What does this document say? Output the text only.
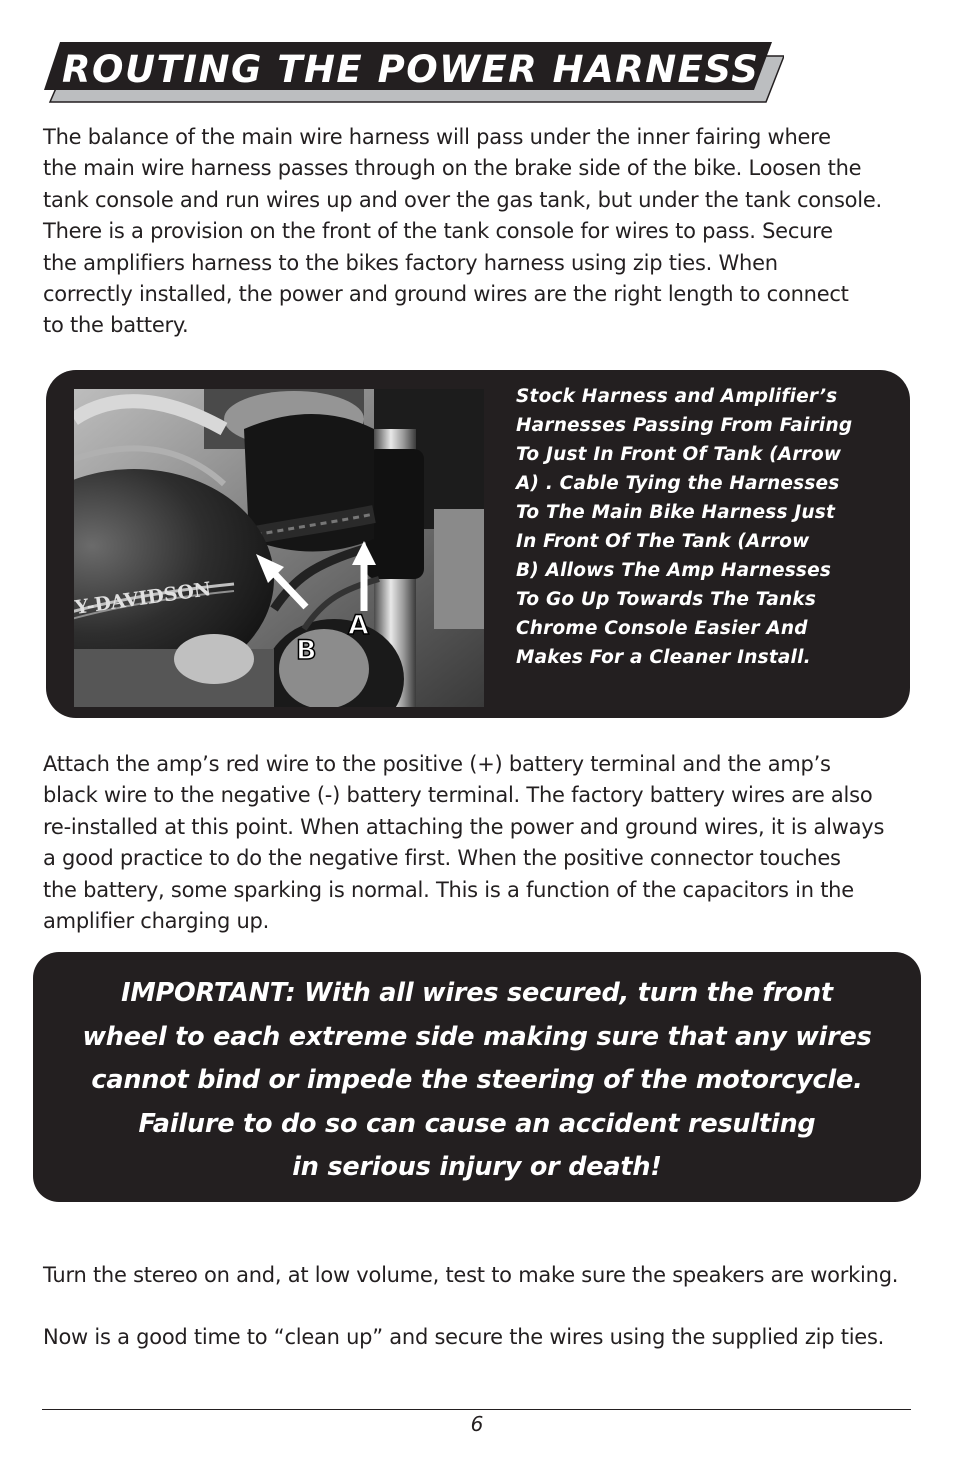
ROUTING THE POWER HARNESS

The balance of the main wire harness will pass under the inner fairing where
the main wire harness passes through on the brake side of the bike. Loosen the
tank console and run wires up and over the gas tank, but under the tank console.
There is a provision on the front of the tank console for wires to pass. Secure
the amplifiers harness to the bikes factory harness using zip ties. When
correctly installed, the power and ground wires are the right length to connect
to the battery.

Y-DAVIDSON
A
B
Stock Harness and Amplifier’s
Harnesses Passing From Fairing
To Just In Front Of Tank (Arrow
A) . Cable Tying the Harnesses
To The Main Bike Harness Just
In Front Of The Tank (Arrow
B) Allows The Amp Harnesses
To Go Up Towards The Tanks
Chrome Console Easier And
Makes For a Cleaner Install.

Attach the amp’s red wire to the positive (+) battery terminal and the amp’s
black wire to the negative (-) battery terminal. The factory battery wires are also
re-installed at this point. When attaching the power and ground wires, it is always
a good practice to do the negative first. When the positive connector touches
the battery, some sparking is normal. This is a function of the capacitors in the
amplifier charging up.

IMPORTANT: With all wires secured, turn the front
wheel to each extreme side making sure that any wires
cannot bind or impede the steering of the motorcycle.
Failure to do so can cause an accident resulting
in serious injury or death!

Turn the stereo on and, at low volume, test to make sure the speakers are working.

Now is a good time to “clean up” and secure the wires using the supplied zip ties.

6
